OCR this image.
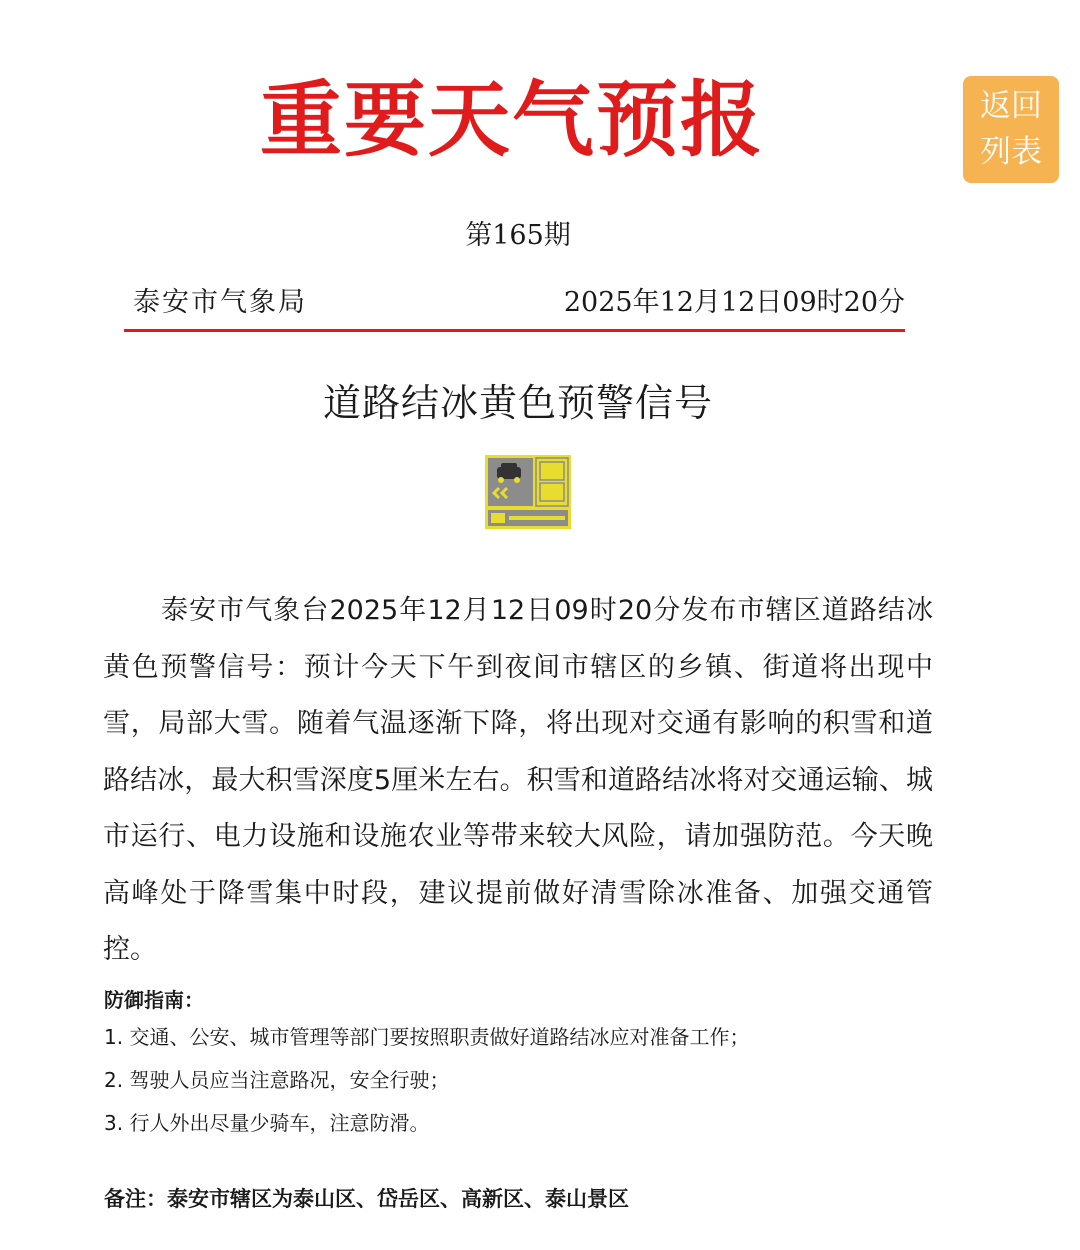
重要天气预报	返回
列表
第165期
泰安市气象局	2025年12月12日09时20分
道路结冰黄色预警信号

泰安市气象台2025年12月12日09时20分发布市辖区道路结冰黄色预警信号：预计今天下午到夜间市辖区的乡镇、街道将出现中雪，局部大雪。随着气温逐渐下降，将出现对交通有影响的积雪和道路结冰，最大积雪深度5厘米左右。积雪和道路结冰将对交通运输、城市运行、电力设施和设施农业等带来较大风险，请加强防范。今天晚高峰处于降雪集中时段，建议提前做好清雪除冰准备、加强交通管控。

防御指南：
1. 交通、公安、城市管理等部门要按照职责做好道路结冰应对准备工作；
2. 驾驶人员应当注意路况，安全行驶；
3. 行人外出尽量少骑车，注意防滑。
备注：泰安市辖区为泰山区、岱岳区、高新区、泰山景区
